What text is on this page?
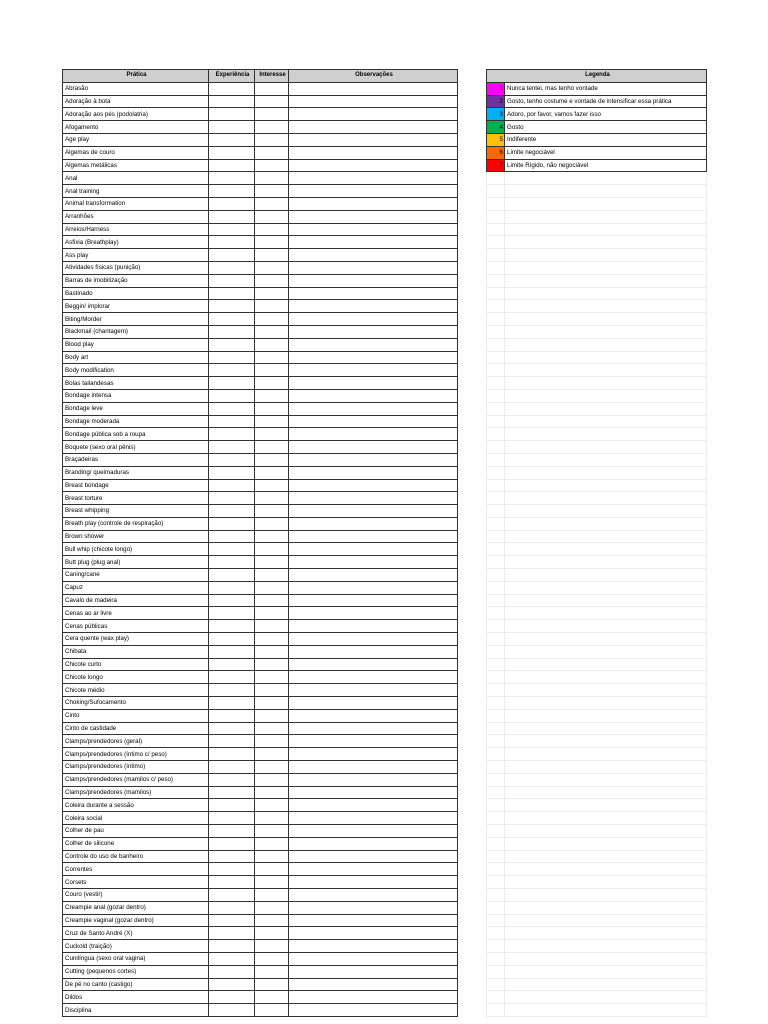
Prática	Experiência	Interesse	Observações
Abrasão			
Adoração à bota			
Adoração aos pés (podolatria)			
Afogamento			
Age play			
Algemas de couro			
Algemas metálicas			
Anal			
Anal training			
Animal transformation			
Arranhões			
Arreios/Harness			
Asfixia (Breathplay)			
Ass play			
Atividades físicas (punição)			
Barras de imobilização			
Bastinado			
Beggin/ implorar			
Biting/Morder			
Blackmail (chantagem)			
Blood play			
Body art			
Body modification			
Bolas tailandesas			
Bondage intensa			
Bondage leve			
Bondage moderada			
Bondage pública sob a roupa			
Boquete (sexo oral pênis)			
Braçadeiras			
Branding/ queimaduras			
Breast bondage			
Breast torture			
Breast whipping			
Breath play (controle de respiração)			
Brown shower			
Bull whip (chicote longo)			
Butt plug (plug anal)			
Caning/cane			
Capuz			
Cavalo de madeira			
Cenas ao ar livre			
Cenas públicas			
Cera quente (wax play)			
Chibata			
Chicote curto			
Chicote longo			
Chicote médio			
Choking/Sufocamento			
Cinto			
Cinto de castidade			
Clamps/prendedores (geral)			
Clamps/prendedores (íntimo c/ peso)			
Clamps/prendedores (íntimo)			
Clamps/prendedores (mamilos c/ peso)			
Clamps/prendedores (mamilos)			
Coleira durante a sessão			
Coleira social			
Colher de pau			
Colher de silicone			
Controle do uso de banheiro			
Correntes			
Corsets			
Couro (vestir)			
Creampie anal (gozar dentro)			
Creampie vaginal (gozar dentro)			
Cruz de Santo André (X)			
Cuckold (traição)			
Cunilíngua (sexo oral vagina)			
Cutting (pequenos cortes)			
De pé no canto (castigo)			
Dildos			
Disciplina			
Legenda	
1	Nunca tentei, mas tenho vontade
2	Gosto, tenho costume e vontade de intensificar essa prática
3	Adoro, por favor, vamos fazer isso
4	Gosto
5	Indiferente
6	Limite negociável
7	Limite Rígido, não negociável
